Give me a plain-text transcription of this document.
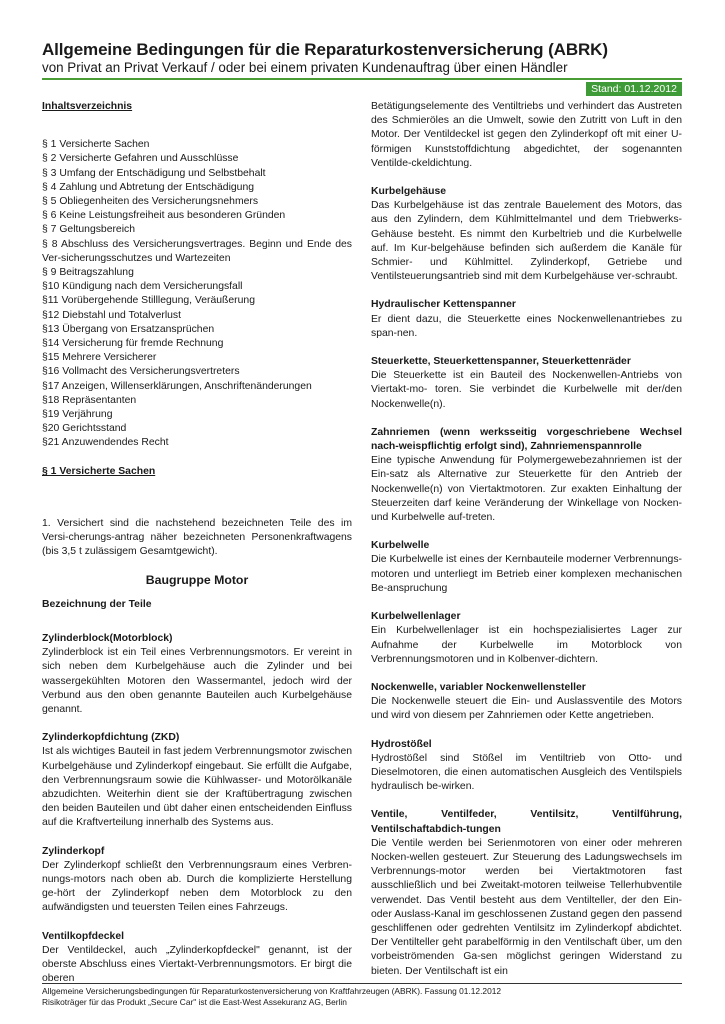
Allgemeine Bedingungen für die Reparaturkostenversicherung (ABRK)

von Privat an Privat Verkauf / oder bei einem privaten Kundenauftrag über einen Händler

Stand: 01.12.2012

Inhaltsverzeichnis

§ 1 Versicherte Sachen

§ 2 Versicherte Gefahren und Ausschlüsse

§ 3 Umfang der Entschädigung und Selbstbehalt

§ 4 Zahlung und Abtretung der Entschädigung

§ 5 Obliegenheiten des Versicherungsnehmers

§ 6 Keine Leistungsfreiheit aus besonderen Gründen

§ 7 Geltungsbereich

§ 8 Abschluss des Versicherungsvertrages. Beginn und Ende des Ver-sicherungsschutzes und Wartezeiten

§ 9 Beitragszahlung

§10 Kündigung nach dem Versicherungsfall

§11 Vorübergehende Stilllegung, Veräußerung

§12 Diebstahl und Totalverlust

§13 Übergang von Ersatzansprüchen

§14 Versicherung für fremde Rechnung

§15 Mehrere Versicherer

§16 Vollmacht des Versicherungsvertreters

§17 Anzeigen, Willenserklärungen, Anschriftenänderungen

§18 Repräsentanten

§19 Verjährung

§20 Gerichtsstand

§21 Anzuwendendes Recht

§ 1 Versicherte Sachen

1. Versichert sind die nachstehend bezeichneten Teile des im Versi-cherungs-antrag näher bezeichneten Personenkraftwagens (bis 3,5 t zulässigem Gesamtgewicht).

Baugruppe Motor

Bezeichnung der Teile

Zylinderblock(Motorblock)

Zylinderblock ist ein Teil eines Verbrennungsmotors. Er vereint in sich neben dem Kurbelgehäuse auch die Zylinder und bei wassergekühlten Motoren den Wassermantel, jedoch wird der Verbund aus den oben genannte Bauteilen auch Kurbelgehäuse genannt.

Zylinderkopfdichtung (ZKD)

Ist als wichtiges Bauteil in fast jedem Verbrennungsmotor zwischen Kurbelgehäuse und Zylinderkopf eingebaut. Sie erfüllt die Aufgabe, den Verbrennungsraum sowie die Kühlwasser- und Motorölkanäle abzudichten. Weiterhin dient sie der Kraftübertragung zwischen den beiden Bauteilen und übt daher einen entscheidenden Einfluss auf die Kraftverteilung innerhalb des Systems aus.

Zylinderkopf

Der Zylinderkopf schließt den Verbrennungsraum eines Verbren-nungs-motors nach oben ab. Durch die komplizierte Herstellung ge-hört der Zylinderkopf neben dem Motorblock zu den aufwändigsten und teuersten Teilen eines Fahrzeugs.

Ventilkopfdeckel

Der Ventildeckel, auch „Zylinderkopfdeckel" genannt, ist der oberste Abschluss eines Viertakt-Verbrennungsmotors. Er birgt die oberen

Betätigungselemente des Ventiltriebs und verhindert das Austreten des Schmieröles an die Umwelt, sowie den Zutritt von Luft in den Motor. Der Ventildeckel ist gegen den Zylinderkopf oft mit einer U-förmigen Kunststoffdichtung abgedichtet, der sogenannten Ventilde-ckeldichtung.

Kurbelgehäuse

Das Kurbelgehäuse ist das zentrale Bauelement des Motors, das aus den Zylindern, dem Kühlmittelmantel und dem Triebwerks-Gehäuse besteht. Es nimmt den Kurbeltrieb und die Kurbelwelle auf. Im Kur-belgehäuse befinden sich außerdem die Kanäle für Schmier- und Kühlmittel. Zylinderkopf, Getriebe und Ventilsteuerungsantrieb sind mit dem Kurbelgehäuse ver-schraubt.

Hydraulischer Kettenspanner

Er dient dazu, die Steuerkette eines Nockenwellenantriebes zu span-nen.

Steuerkette, Steuerkettenspanner, Steuerkettenräder

Die Steuerkette ist ein Bauteil des Nockenwellen-Antriebs von Viertakt-mo- toren. Sie verbindet die Kurbelwelle mit der/den Nockenwelle(n).

Zahnriemen (wenn werksseitig vorgeschriebene Wechsel nach-weispflichtig erfolgt sind), Zahnriemenspannrolle

Eine typische Anwendung für Polymergewebezahnriemen ist der Ein-satz als Alternative zur Steuerkette für den Antrieb der Nockenwelle(n) von Viertaktmotoren. Zur exakten Einhaltung der Steuerzeiten darf keine Veränderung der Winkellage von Nocken- und Kurbelwelle auf-treten.

Kurbelwelle

Die Kurbelwelle ist eines der Kernbauteile moderner Verbrennungs-motoren und unterliegt im Betrieb einer komplexen mechanischen Be-anspruchung

Kurbelwellenlager

Ein Kurbelwellenlager ist ein hochspezialisiertes Lager zur Aufnahme der Kurbelwelle im Motorblock von Verbrennungsmotoren und in Kolbenver-dichtern.

Nockenwelle, variabler Nockenwellensteller

Die Nockenwelle steuert die Ein- und Auslassventile des Motors und wird von diesem per Zahnriemen oder Kette angetrieben.

Hydrostößel

Hydrostößel sind Stößel im Ventiltrieb von Otto- und Dieselmotoren, die einen automatischen Ausgleich des Ventilspiels hydraulisch be-wirken.

Ventile, Ventilfeder, Ventilsitz, Ventilführung, Ventilschaftabdich-tungen

Die Ventile werden bei Serienmotoren von einer oder mehreren Nocken-wellen gesteuert. Zur Steuerung des Ladungswechsels im Verbrennungs-motor werden bei Viertaktmotoren fast ausschließlich und bei Zweitakt-motoren teilweise Tellerhubventile verwendet. Das Ventil besteht aus dem Ventilteller, der den Ein- oder Auslass-Kanal im geschlossenen Zustand gegen den passend geschliffenen oder gedrehten Ventilsitz im Zylinderkopf abdichtet. Der Ventilteller geht parabelförmig in den Ventilschaft über, um den vorbeiströmenden Ga-sen möglichst geringen Widerstand zu bieten. Der Ventilschaft ist ein

Allgemeine Versicherungsbedingungen für Reparaturkostenversicherung von Kraftfahrzeugen (ABRK). Fassung 01.12.2012

Risikoträger für das Produkt „Secure Car" ist die East-West Assekuranz AG, Berlin
